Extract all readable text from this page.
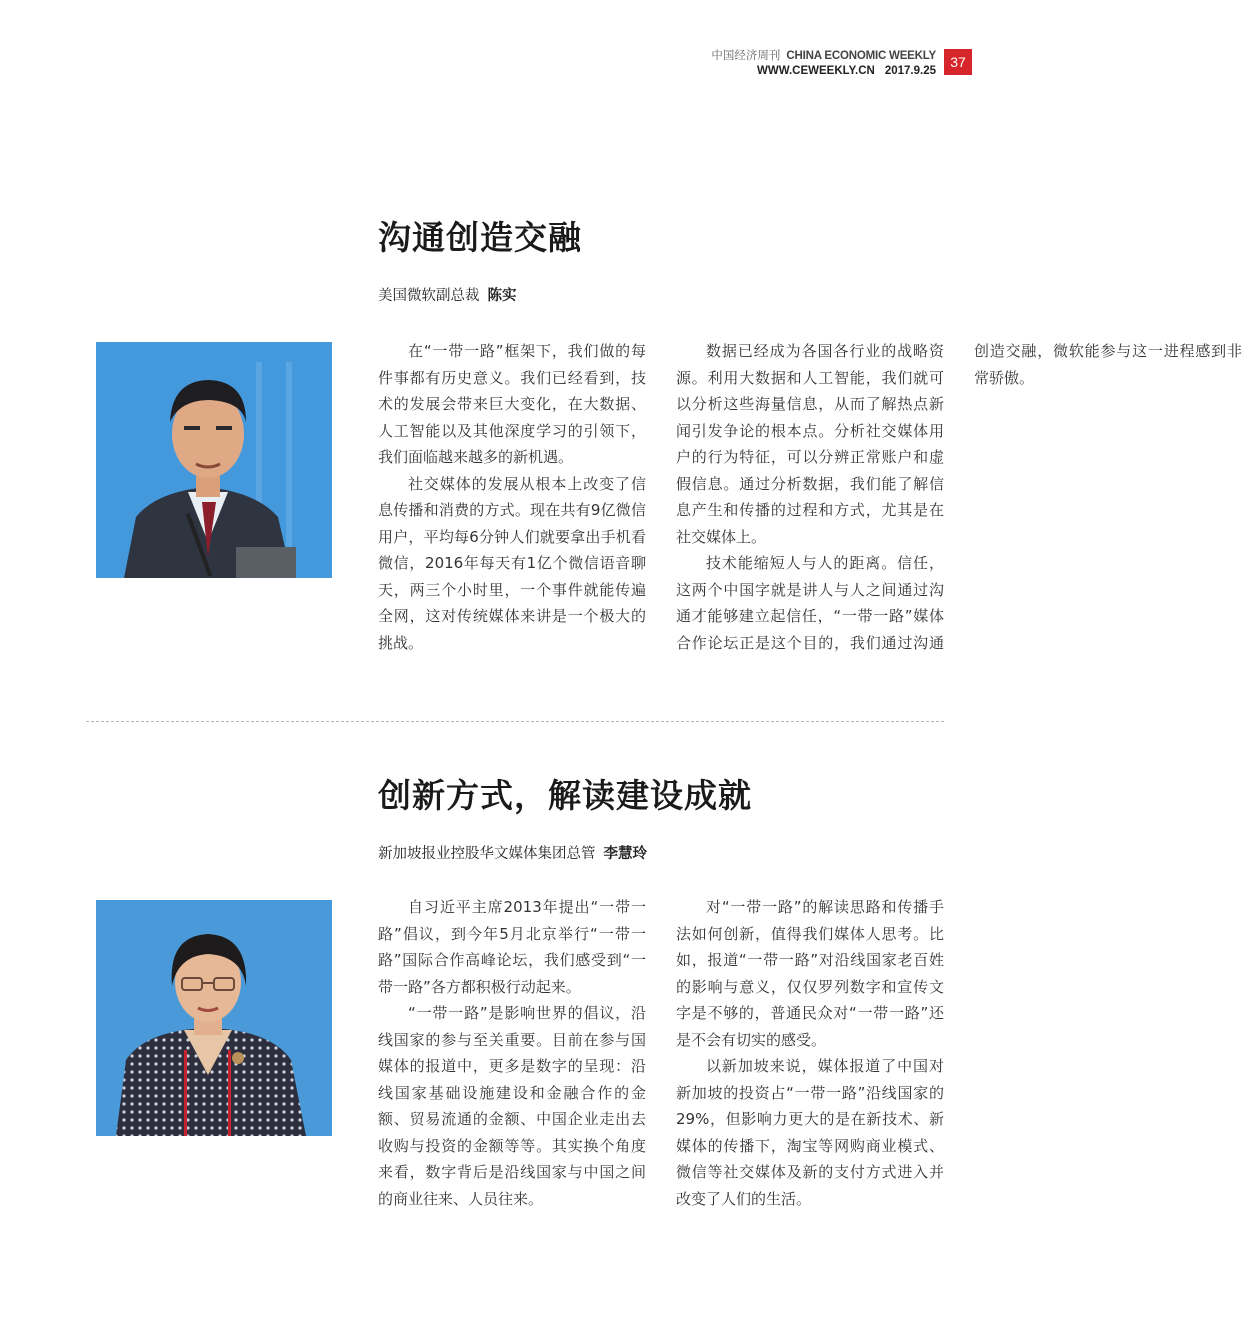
中国经济周刊 CHINA ECONOMIC WEEKLY
WWW.CEWEEKLY.CN 2017.9.25
37
沟通创造交融
美国微软副总裁 陈实

在“一带一路”框架下，我们做的每件事都有历史意义。我们已经看到，技术的发展会带来巨大变化，在大数据、人工智能以及其他深度学习的引领下，我们面临越来越多的新机遇。

社交媒体的发展从根本上改变了信息传播和消费的方式。现在共有9亿微信用户，平均每6分钟人们就要拿出手机看微信，2016年每天有1亿个微信语音聊天，两三个小时里，一个事件就能传遍全网，这对传统媒体来讲是一个极大的挑战。

数据已经成为各国各行业的战略资源。利用大数据和人工智能，我们就可以分析这些海量信息，从而了解热点新闻引发争论的根本点。分析社交媒体用户的行为特征，可以分辨正常账户和虚假信息。通过分析数据，我们能了解信息产生和传播的过程和方式，尤其是在社交媒体上。

技术能缩短人与人的距离。信任，这两个中国字就是讲人与人之间通过沟通才能够建立起信任，“一带一路”媒体合作论坛正是这个目的，我们通过沟通创造交融，微软能参与这一进程感到非常骄傲。

创新方式，解读建设成就
新加坡报业控股华文媒体集团总管 李慧玲

自习近平主席2013年提出“一带一路”倡议，到今年5月北京举行“一带一路”国际合作高峰论坛，我们感受到“一带一路”各方都积极行动起来。

“一带一路”是影响世界的倡议，沿线国家的参与至关重要。目前在参与国媒体的报道中，更多是数字的呈现：沿线国家基础设施建设和金融合作的金额、贸易流通的金额、中国企业走出去收购与投资的金额等等。其实换个角度来看，数字背后是沿线国家与中国之间的商业往来、人员往来。

对“一带一路”的解读思路和传播手法如何创新，值得我们媒体人思考。比如，报道“一带一路”对沿线国家老百姓的影响与意义，仅仅罗列数字和宣传文字是不够的，普通民众对“一带一路”还是不会有切实的感受。

以新加坡来说，媒体报道了中国对新加坡的投资占“一带一路”沿线国家的29%，但影响力更大的是在新技术、新媒体的传播下，淘宝等网购商业模式、微信等社交媒体及新的支付方式进入并改变了人们的生活。
